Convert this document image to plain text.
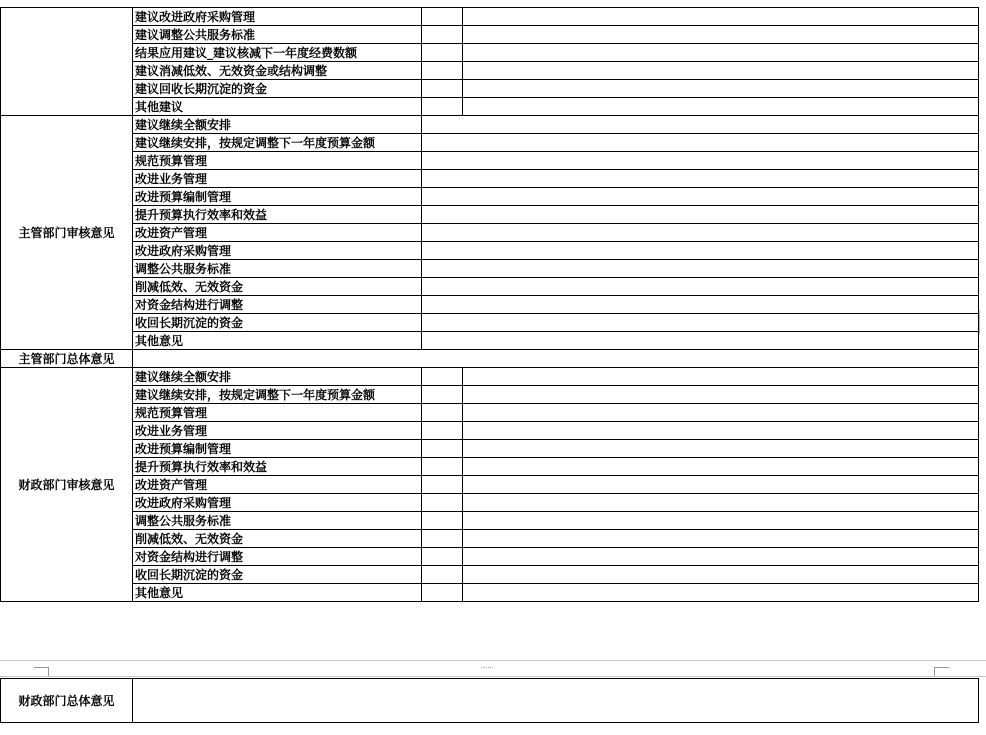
	建议改进政府采购管理		
	建议调整公共服务标准		
	结果应用建议_建议核减下一年度经费数额		
	建议消减低效、无效资金或结构调整		
	建议回收长期沉淀的资金		
	其他建议		
主管部门审核意见	建议继续全额安排		
	建议继续安排，按规定调整下一年度预算金额		
	规范预算管理		
	改进业务管理		
	改进预算编制管理		
	提升预算执行效率和效益		
	改进资产管理		
	改进政府采购管理		
	调整公共服务标准		
	削减低效、无效资金		
	对资金结构进行调整		
	收回长期沉淀的资金		
	其他意见		
主管部门总体意见			
财政部门审核意见	建议继续全额安排		
	建议继续安排，按规定调整下一年度预算金额		
	规范预算管理		
	改进业务管理		
	改进预算编制管理		
	提升预算执行效率和效益		
	改进资产管理		
	改进政府采购管理		
	调整公共服务标准		
	削减低效、无效资金		
	对资金结构进行调整		
	收回长期沉淀的资金		
	其他意见		
财政部门总体意见	
